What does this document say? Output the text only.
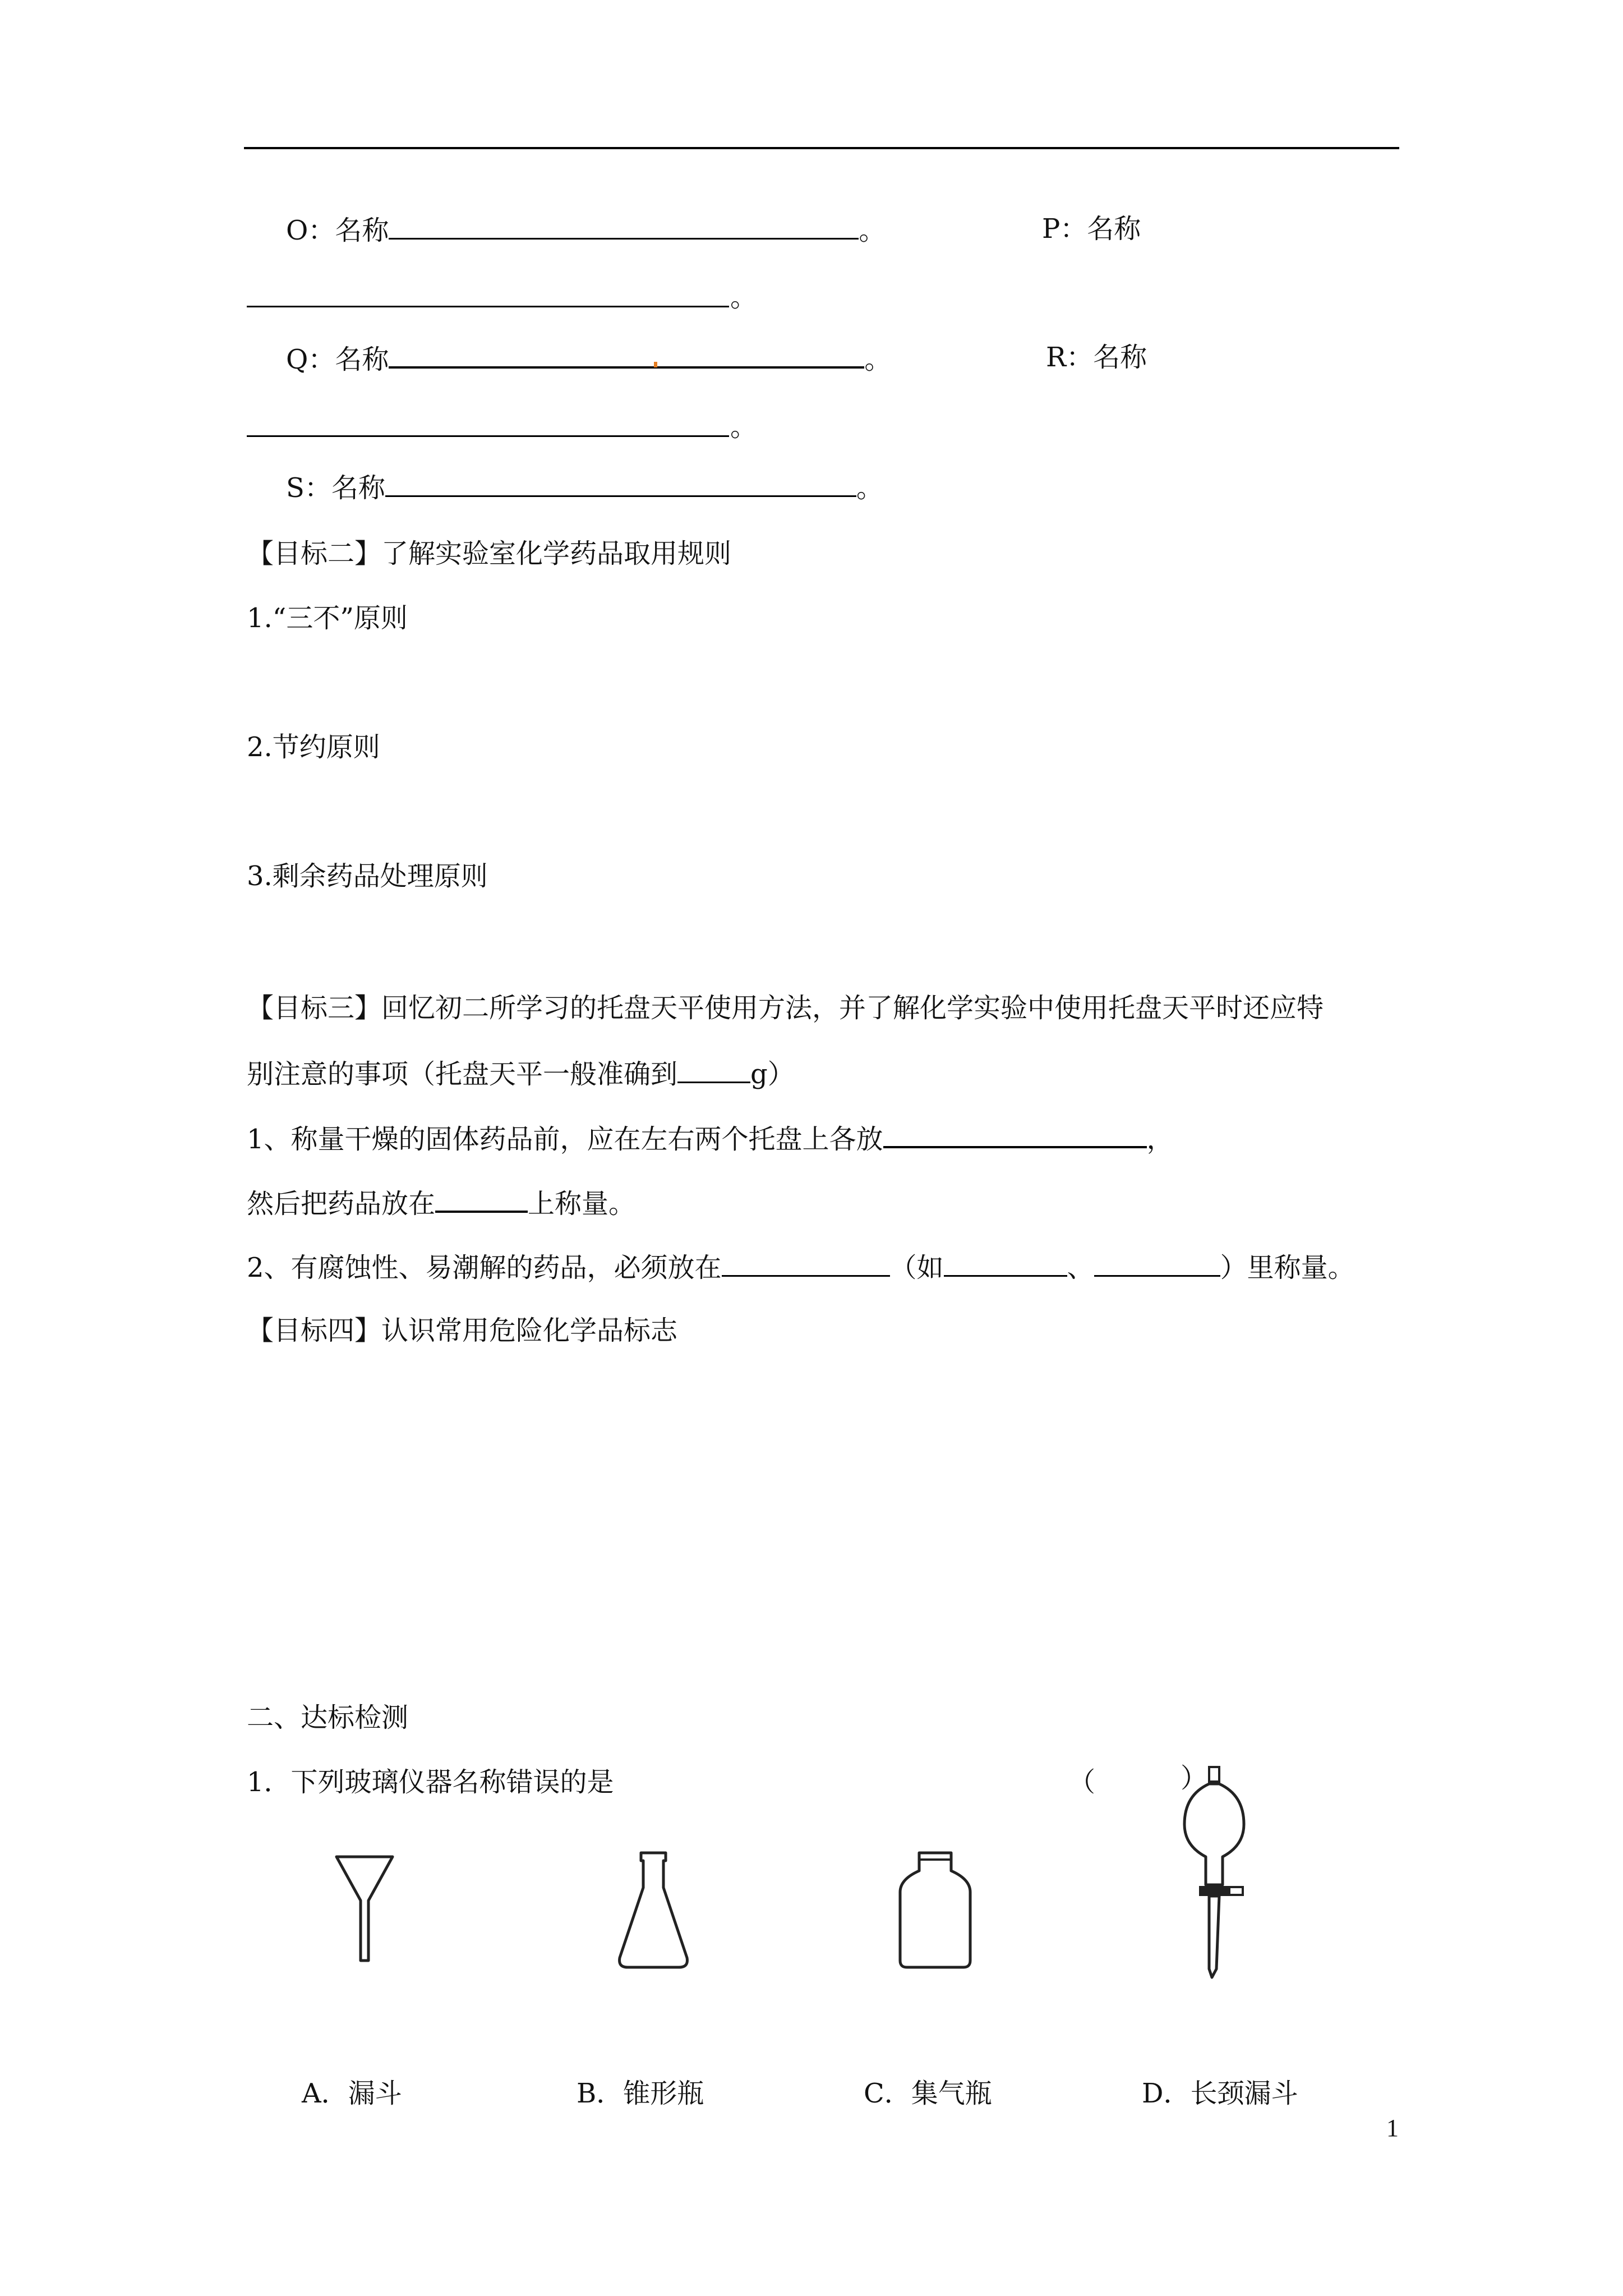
O：名称	。	P：名称
。
Q：名称	。	R：名称
。
S：名称	。
【目标二】了解实验室化学药品取用规则
1.“三不”原则
2.节约原则
3.剩余药品处理原则
【目标三】回忆初二所学习的托盘天平使用方法，并了解化学实验中使用托盘天平时还应特
别注意的事项（托盘天平一般准确到	g）
1、称量干燥的固体药品前，应在左右两个托盘上各放	，
然后把药品放在	上称量。
2、有腐蚀性、易潮解的药品，必须放在	（如	、	）里称量。
【目标四】认识常用危险化学品标志
二、达标检测
1．下列玻璃仪器名称错误的是	（	）
A．漏斗	B．锥形瓶	C．集气瓶	D．长颈漏斗
1
